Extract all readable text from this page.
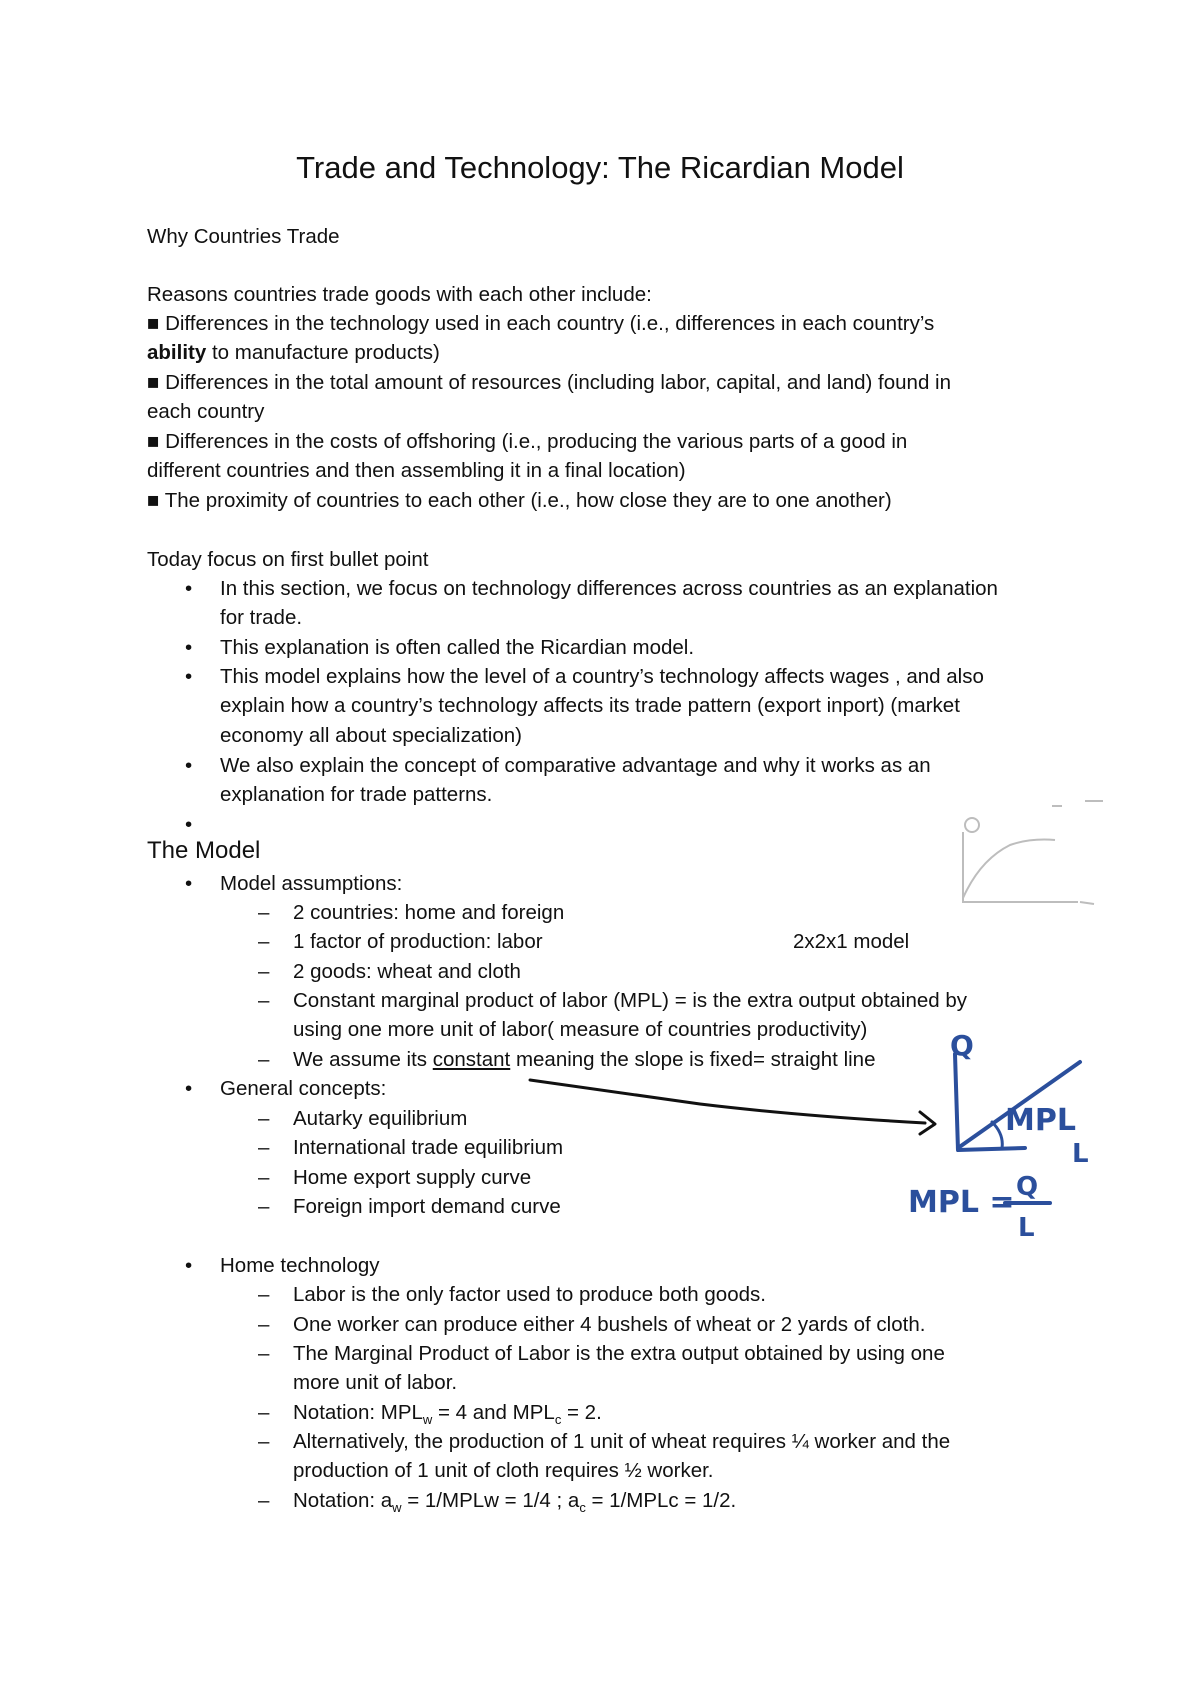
Trade and Technology: The Ricardian Model
Why Countries Trade
Reasons countries trade goods with each other include:
■ Differences in the technology used in each country (i.e., differences in each country’s
ability to manufacture products)
■ Differences in the total amount of resources (including labor, capital, and land) found in
each country
■ Differences in the costs of offshoring (i.e., producing the various parts of a good in
different countries and then assembling it in a final location)
■ The proximity of countries to each other (i.e., how close they are to one another)
Today focus on first bullet point
• In this section, we focus on technology differences across countries as an explanation
for trade.
• This explanation is often called the Ricardian model.
• This model explains how the level of a country’s technology affects wages , and also
explain how a country’s technology affects its trade pattern (export inport) (market
economy all about specialization)
• We also explain the concept of comparative advantage and why it works as an
explanation for trade patterns.
•
The Model
• Model assumptions:
– 2 countries: home and foreign
– 1 factor of production: labor	2x2x1 model
– 2 goods: wheat and cloth
– Constant marginal product of labor (MPL) = is the extra output obtained by
using one more unit of labor( measure of countries productivity)
– We assume its constant meaning the slope is fixed= straight line
• General concepts:
– Autarky equilibrium
– International trade equilibrium
– Home export supply curve
– Foreign import demand curve
• Home technology
– Labor is the only factor used to produce both goods.
– One worker can produce either 4 bushels of wheat or 2 yards of cloth.
– The Marginal Product of Labor is the extra output obtained by using one
more unit of labor.
– Notation: $MPL_w = 4$ and $MPL_c = 2$.
– Alternatively, the production of 1 unit of wheat requires ¼ worker and the
production of 1 unit of cloth requires ½ worker.
– Notation: $a_w$ = 1/MPLw = 1/4 ; $a_c$ = 1/MPLc = 1/2.
Q
MPL
L
MPL = Q
L
